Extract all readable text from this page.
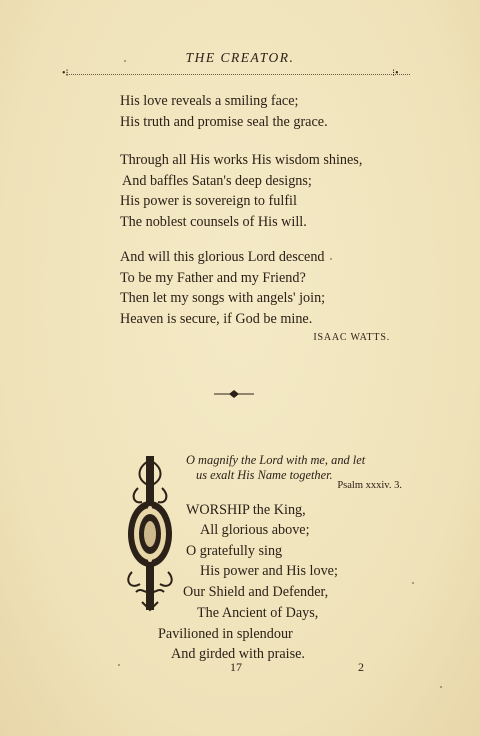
THE CREATOR.
•⁝	⁝•
His love reveals a smiling face;
His truth and promise seal the grace.
Through all His works His wisdom shines,
And baffles Satan's deep designs;
His power is sovereign to fulfil
The noblest counsels of His will.
And will this glorious Lord descend
To be my Father and my Friend?
Then let my songs with angels' join;
Heaven is secure, if God be mine.
ISAAC WATTS.
O magnify the Lord with me, and let
us exalt His Name together.
Psalm xxxiv. 3.
WORSHIP the King,
All glorious above;
O gratefully sing
His power and His love;
Our Shield and Defender,
The Ancient of Days,
Pavilioned in splendour
And girded with praise.
17	2
